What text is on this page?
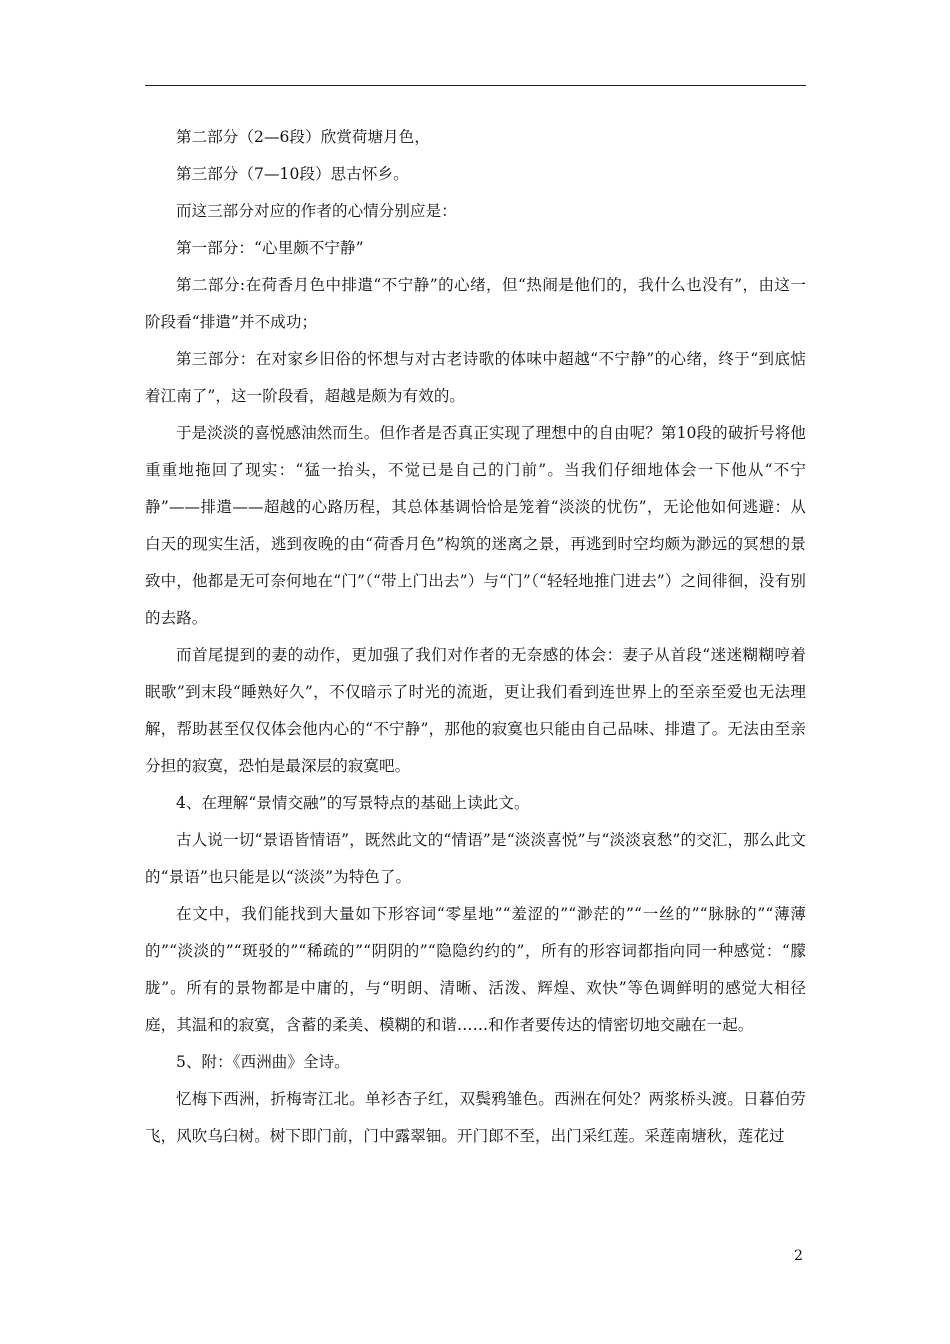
第二部分（2—6段）欣赏荷塘月色，

第三部分（7—10段）思古怀乡。

而这三部分对应的作者的心情分别应是：

第一部分：“心里颇不宁静”

第二部分:在荷香月色中排遣“不宁静”的心绪，但“热闹是他们的，我什么也没有”，由这一阶段看“排遣”并不成功；

第三部分：在对家乡旧俗的怀想与对古老诗歌的体味中超越“不宁静”的心绪，终于“到底惦着江南了”，这一阶段看，超越是颇为有效的。

于是淡淡的喜悦感油然而生。但作者是否真正实现了理想中的自由呢？第10段的破折号将他重重地拖回了现实：“猛一抬头，不觉已是自己的门前”。当我们仔细地体会一下他从“不宁静”——排遣——超越的心路历程，其总体基调恰恰是笼着“淡淡的忧伤”，无论他如何逃避：从白天的现实生活，逃到夜晚的由“荷香月色”构筑的迷离之景，再逃到时空均颇为渺远的冥想的景致中，他都是无可奈何地在“门”（“带上门出去”）与“门”（“轻轻地推门进去”）之间徘徊，没有别的去路。

而首尾提到的妻的动作，更加强了我们对作者的无奈感的体会：妻子从首段“迷迷糊糊哼着眠歌”到末段“睡熟好久”，不仅暗示了时光的流逝，更让我们看到连世界上的至亲至爱也无法理解，帮助甚至仅仅体会他内心的“不宁静”，那他的寂寞也只能由自己品味、排遣了。无法由至亲分担的寂寞，恐怕是最深层的寂寞吧。

4、在理解“景情交融”的写景特点的基础上读此文。

古人说一切“景语皆情语”，既然此文的“情语”是“淡淡喜悦”与“淡淡哀愁”的交汇，那么此文的“景语”也只能是以“淡淡”为特色了。

在文中，我们能找到大量如下形容词“零星地”“羞涩的”“渺茫的”“一丝的”“脉脉的”“薄薄的”“淡淡的”“斑驳的”“稀疏的”“阴阴的”“隐隐约约的”，所有的形容词都指向同一种感觉：“朦胧”。所有的景物都是中庸的，与“明朗、清晰、活泼、辉煌、欢快”等色调鲜明的感觉大相径庭，其温和的寂寞，含蓄的柔美、模糊的和谐……和作者要传达的情密切地交融在一起。

5、附：《西洲曲》全诗。

忆梅下西洲，折梅寄江北。单衫杏子红，双鬓鸦雏色。西洲在何处？两浆桥头渡。日暮伯劳飞，风吹乌臼树。树下即门前，门中露翠钿。开门郎不至，出门采红莲。采莲南塘秋，莲花过

2
